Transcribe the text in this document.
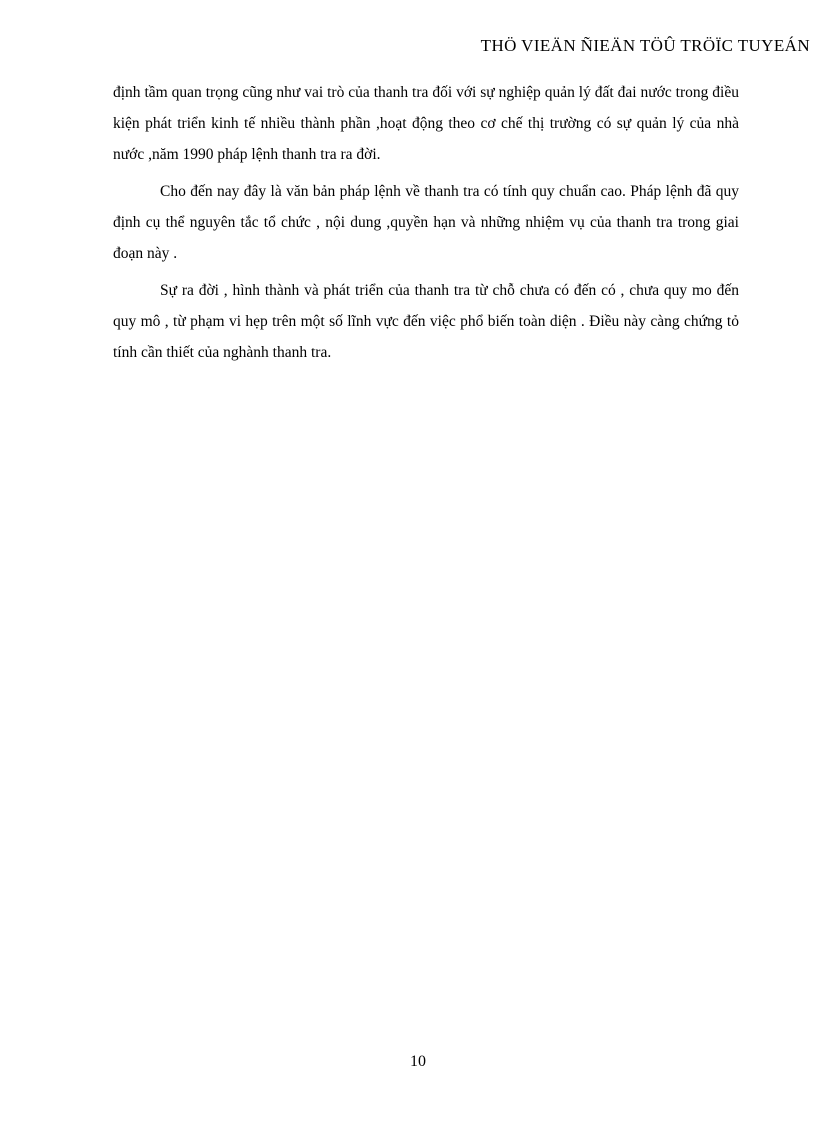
THÖ VIEÄN ÑIEÄN TÖÛ TRÖÏC TUYEÁN

định tầm quan trọng cũng như vai trò của thanh tra đối với sự nghiệp quản lý đất đai nước trong điều kiện phát triển kinh tế nhiều thành phần ,hoạt động theo cơ chế thị trường có sự quản lý của nhà nước ,năm 1990 pháp lệnh thanh tra ra đời.

Cho đến nay đây là văn bản pháp lệnh về thanh tra có tính quy chuẩn cao. Pháp lệnh đã quy định cụ thể nguyên tắc tổ chức , nội dung ,quyền hạn và những nhiệm vụ của thanh tra trong giai đoạn này .

Sự ra đời , hình thành và phát triển của thanh tra từ chỗ chưa có đến có , chưa quy mo đến quy mô , từ phạm vi hẹp trên một số lĩnh vực đến việc phổ biến toàn diện . Điều này càng chứng tỏ tính cần thiết của nghành thanh tra.

10
